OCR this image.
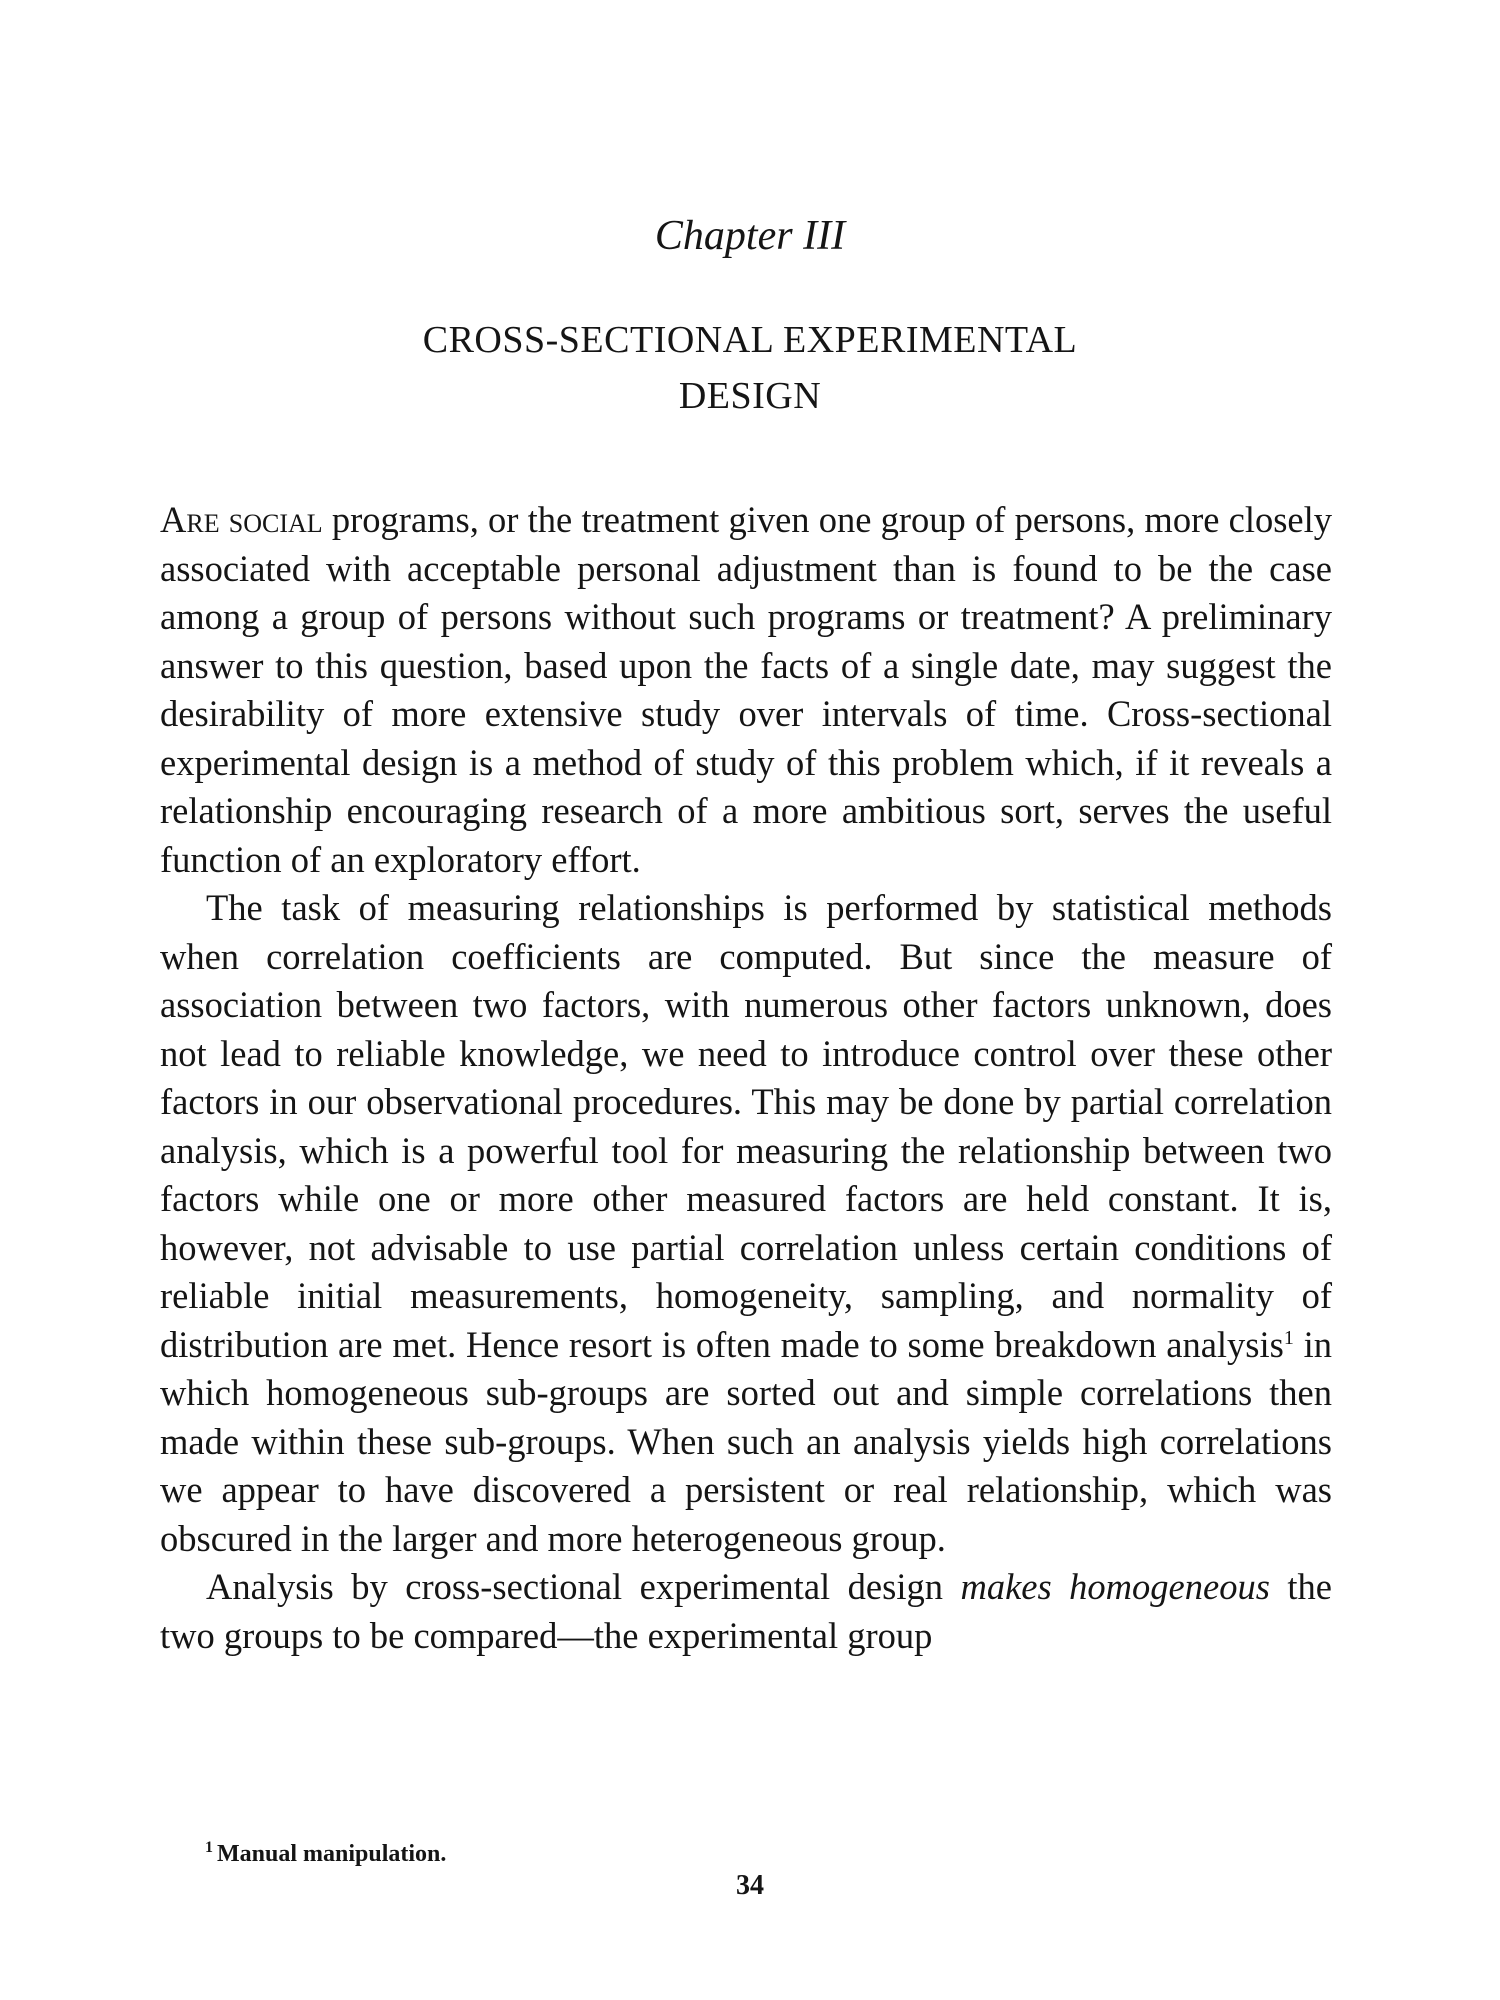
Chapter III
CROSS-SECTIONAL EXPERIMENTAL
DESIGN

Are social programs, or the treatment given one group of persons, more closely associated with acceptable personal adjustment than is found to be the case among a group of persons without such programs or treatment? A preliminary answer to this question, based upon the facts of a single date, may suggest the desirability of more extensive study over intervals of time. Cross-sectional experimental design is a method of study of this problem which, if it reveals a relationship encouraging research of a more ambitious sort, serves the useful function of an exploratory effort.

The task of measuring relationships is performed by statistical methods when correlation coefficients are computed. But since the measure of association between two factors, with numerous other factors unknown, does not lead to reliable knowledge, we need to introduce control over these other factors in our observational procedures. This may be done by partial correlation analysis, which is a powerful tool for measuring the relationship between two factors while one or more other measured factors are held constant. It is, however, not advisable to use partial correlation unless certain conditions of reliable initial measurements, homogeneity, sampling, and normality of distribution are met. Hence resort is often made to some breakdown analysis$^1$ in which homogeneous sub-groups are sorted out and simple correlations then made within these sub-groups. When such an analysis yields high correlations we appear to have discovered a persistent or real relationship, which was obscured in the larger and more heterogeneous group.

Analysis by cross-sectional experimental design makes homogeneous the two groups to be compared—the experimental group

$^1$ Manual manipulation.
34
